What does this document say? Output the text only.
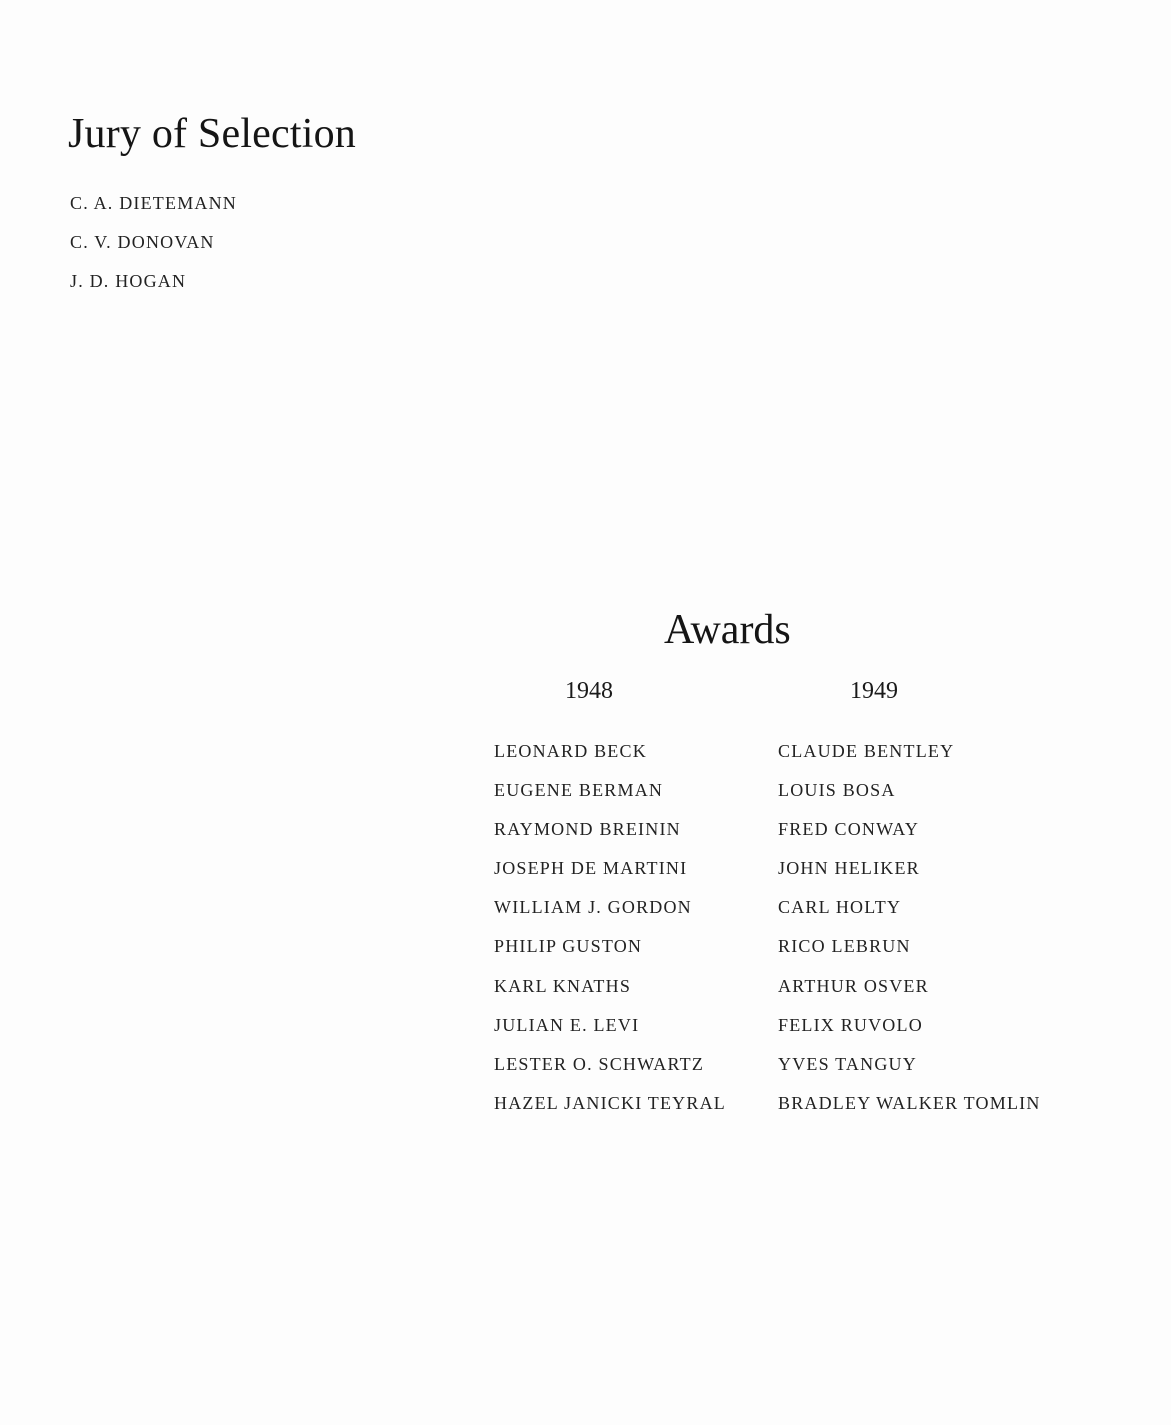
Jury of Selection
C. A. DIETEMANN
C. V. DONOVAN
J. D. HOGAN
Awards
1948	1949
LEONARD BECK
EUGENE BERMAN
RAYMOND BREININ
JOSEPH DE MARTINI
WILLIAM J. GORDON
PHILIP GUSTON
KARL KNATHS
JULIAN E. LEVI
LESTER O. SCHWARTZ
HAZEL JANICKI TEYRAL
CLAUDE BENTLEY
LOUIS BOSA
FRED CONWAY
JOHN HELIKER
CARL HOLTY
RICO LEBRUN
ARTHUR OSVER
FELIX RUVOLO
YVES TANGUY
BRADLEY WALKER TOMLIN
